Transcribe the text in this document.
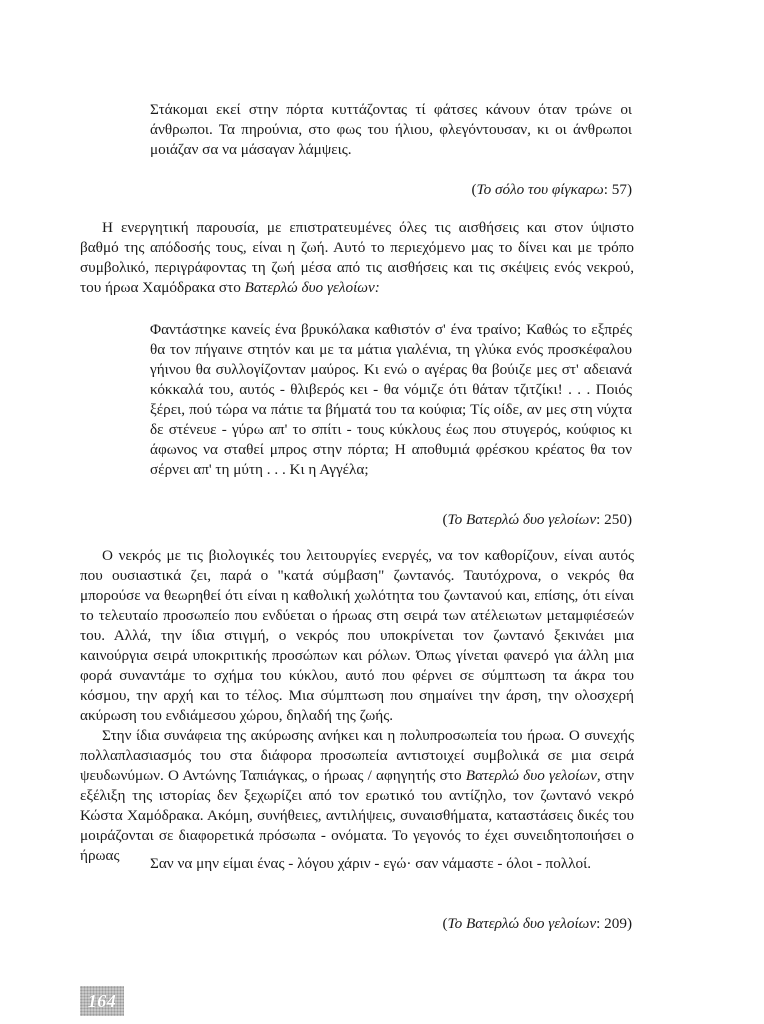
Στάκομαι εκεί στην πόρτα κυττάζοντας τί φάτσες κάνουν όταν τρώνε οι άνθρωποι. Τα πηρούνια, στο φως του ήλιου, φλεγόντουσαν, κι οι άνθρωποι μοιάζαν σα να μάσαγαν λάμψεις.

(Το σόλο του φίγκαρω: 57)

Η ενεργητική παρουσία, με επιστρατευμένες όλες τις αισθήσεις και στον ύψιστο βαθμό της απόδοσής τους, είναι η ζωή. Αυτό το περιεχόμενο μας το δίνει και με τρόπο συμβολικό, περιγράφοντας τη ζωή μέσα από τις αισθήσεις και τις σκέψεις ενός νεκρού, του ήρωα Χαμόδρακα στο Βατερλώ δυο γελοίων:

Φαντάστηκε κανείς ένα βρυκόλακα καθιστόν σ' ένα τραίνο; Καθώς το εξπρές θα τον πήγαινε στητόν και με τα μάτια γιαλένια, τη γλύκα ενός προσκέφαλου γήινου θα συλλογίζονταν μαύρος. Κι ενώ ο αγέρας θα βούιζε μες στ' αδειανά κόκκαλά του, αυτός - θλιβερός κει - θα νόμιζε ότι θάταν τζιτζίκι! . . . Ποιός ξέρει, πού τώρα να πάτιε τα βήματά του τα κούφια; Τίς οίδε, αν μες στη νύχτα δε στένευε - γύρω απ' το σπίτι - τους κύκλους έως που στυγερός, κούφιος κι άφωνος να σταθεί μπρος στην πόρτα; Η αποθυμιά φρέσκου κρέατος θα τον σέρνει απ' τη μύτη . . . Κι η Αγγέλα;

(Το Βατερλώ δυο γελοίων: 250)

Ο νεκρός με τις βιολογικές του λειτουργίες ενεργές, να τον καθορίζουν, είναι αυτός που ουσιαστικά ζει, παρά ο "κατά σύμβαση" ζωντανός. Ταυτόχρονα, ο νεκρός θα μπορούσε να θεωρηθεί ότι είναι η καθολική χωλότητα του ζωντανού και, επίσης, ότι είναι το τελευταίο προσωπείο που ενδύεται ο ήρωας στη σειρά των ατέλειωτων μεταμφιέσεών του. Αλλά, την ίδια στιγμή, ο νεκρός που υποκρίνεται τον ζωντανό ξεκινάει μια καινούργια σειρά υποκριτικής προσώπων και ρόλων. Όπως γίνεται φανερό για άλλη μια φορά συναντάμε το σχήμα του κύκλου, αυτό που φέρνει σε σύμπτωση τα άκρα του κόσμου, την αρχή και το τέλος. Μια σύμπτωση που σημαίνει την άρση, την ολοσχερή ακύρωση του ενδιάμεσου χώρου, δηλαδή της ζωής.

Στην ίδια συνάφεια της ακύρωσης ανήκει και η πολυπροσωπεία του ήρωα. Ο συνεχής πολλαπλασιασμός του στα διάφορα προσωπεία αντιστοιχεί συμβολικά σε μια σειρά ψευδωνύμων. Ο Αντώνης Ταπιάγκας, ο ήρωας / αφηγητής στο Βατερλώ δυο γελοίων, στην εξέλιξη της ιστορίας δεν ξεχωρίζει από τον ερωτικό του αντίζηλο, τον ζωντανό νεκρό Κώστα Χαμόδρακα. Ακόμη, συνήθειες, αντιλήψεις, συναισθήματα, καταστάσεις δικές του μοιράζονται σε διαφορετικά πρόσωπα - ονόματα. Το γεγονός το έχει συνειδητοποιήσει ο ήρωας	Σαν να μην είμαι ένας - λόγου χάριν - εγώ· σαν νάμαστε - όλοι - πολλοί.

(Το Βατερλώ δυο γελοίων: 209)
164
